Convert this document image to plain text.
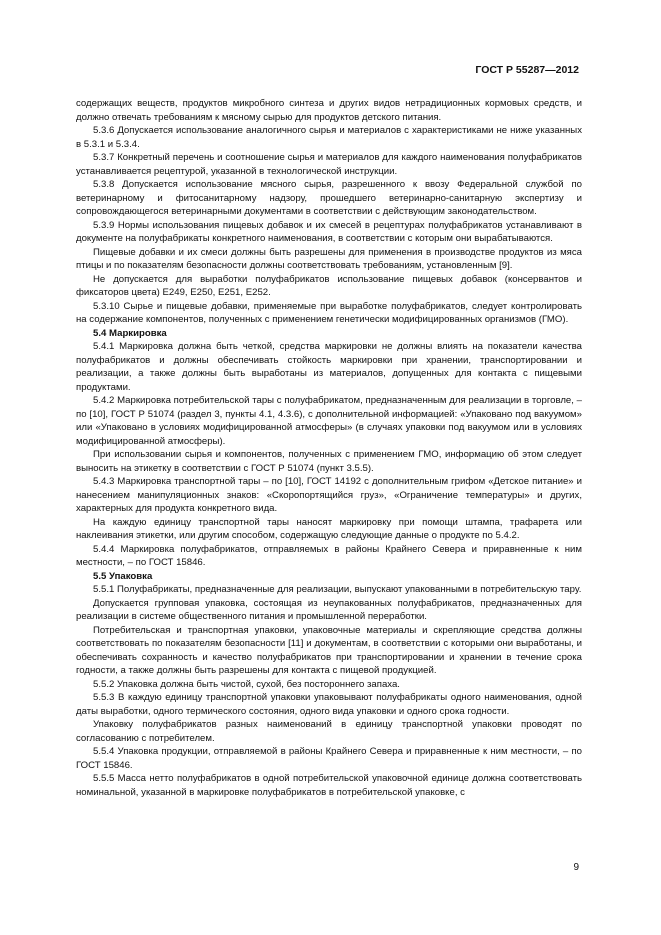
ГОСТ Р 55287—2012

содержащих веществ, продуктов микробного синтеза и других видов нетрадиционных кормовых средств, и должно отвечать требованиям к мясному сырью для продуктов детского питания.

5.3.6 Допускается использование аналогичного сырья и материалов с характеристиками не ниже указанных в 5.3.1 и 5.3.4.

5.3.7 Конкретный перечень и соотношение сырья и материалов для каждого наименования полуфабрикатов устанавливается рецептурой, указанной в технологической инструкции.

5.3.8 Допускается использование мясного сырья, разрешенного к ввозу Федеральной службой по ветеринарному и фитосанитарному надзору, прошедшего ветеринарно-санитарную экспертизу и сопровождающегося ветеринарными документами в соответствии с действующим законодательством.

5.3.9 Нормы использования пищевых добавок и их смесей в рецептурах полуфабрикатов устанавливают в документе на полуфабрикаты конкретного наименования, в соответствии с которым они вырабатываются.

Пищевые добавки и их смеси должны быть разрешены для применения в производстве продуктов из мяса птицы и по показателям безопасности должны соответствовать требованиям, установленным [9].

Не допускается для выработки полуфабрикатов использование пищевых добавок (консервантов и фиксаторов цвета) Е249, Е250, Е251, Е252.

5.3.10 Сырье и пищевые добавки, применяемые при выработке полуфабрикатов, следует контролировать на содержание компонентов, полученных с применением генетически модифицированных организмов (ГМО).

5.4 Маркировка

5.4.1 Маркировка должна быть четкой, средства маркировки не должны влиять на показатели качества полуфабрикатов и должны обеспечивать стойкость маркировки при хранении, транспортировании и реализации, а также должны быть выработаны из материалов, допущенных для контакта с пищевыми продуктами.

5.4.2 Маркировка потребительской тары с полуфабрикатом, предназначенным для реализации в торговле, – по [10], ГОСТ Р 51074 (раздел 3, пункты 4.1, 4.3.6), с дополнительной информацией: «Упаковано под вакуумом» или «Упаковано в условиях модифицированной атмосферы» (в случаях упаковки под вакуумом или в условиях модифицированной атмосферы).

При использовании сырья и компонентов, полученных с применением ГМО, информацию об этом следует выносить на этикетку в соответствии с ГОСТ Р 51074 (пункт 3.5.5).

5.4.3 Маркировка транспортной тары – по [10], ГОСТ 14192 с дополнительным грифом «Детское питание» и нанесением манипуляционных знаков: «Скоропортящийся груз», «Ограничение температуры» и других, характерных для продукта конкретного вида.

На каждую единицу транспортной тары наносят маркировку при помощи штампа, трафарета или наклеивания этикетки, или другим способом, содержащую следующие данные о продукте по 5.4.2.

5.4.4 Маркировка полуфабрикатов, отправляемых в районы Крайнего Севера и приравненные к ним местности, – по ГОСТ 15846.

5.5 Упаковка

5.5.1 Полуфабрикаты, предназначенные для реализации, выпускают упакованными в потребительскую тару.

Допускается групповая упаковка, состоящая из неупакованных полуфабрикатов, предназначенных для реализации в системе общественного питания и промышленной переработки.

Потребительская и транспортная упаковки, упаковочные материалы и скрепляющие средства должны соответствовать по показателям безопасности [11] и документам, в соответствии с которыми они выработаны, и обеспечивать сохранность и качество полуфабрикатов при транспортировании и хранении в течение срока годности, а также должны быть разрешены для контакта с пищевой продукцией.

5.5.2 Упаковка должна быть чистой, сухой, без постороннего запаха.

5.5.3 В каждую единицу транспортной упаковки упаковывают полуфабрикаты одного наименования, одной даты выработки, одного термического состояния, одного вида упаковки и одного срока годности.

Упаковку полуфабрикатов разных наименований в единицу транспортной упаковки проводят по согласованию с потребителем.

5.5.4 Упаковка продукции, отправляемой в районы Крайнего Севера и приравненные к ним местности, – по ГОСТ 15846.

5.5.5 Масса нетто полуфабрикатов в одной потребительской упаковочной единице должна соответствовать номинальной, указанной в маркировке полуфабрикатов в потребительской упаковке, с

9
